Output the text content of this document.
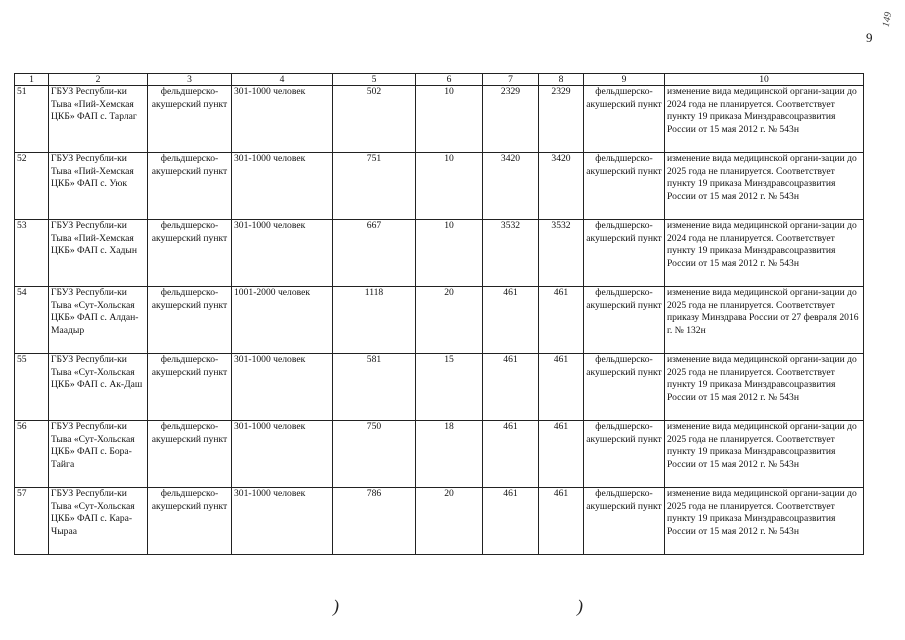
9
149
1	2	3	4	5	6	7	8	9	10
51	ГБУЗ Республи-ки Тыва «Пий-Хемская ЦКБ» ФАП с. Тарлаг	фельдшерско-акушерский пункт	301-1000 человек	502	10	2329	2329	фельдшерско-акушерский пункт	изменение вида медицинской органи-зации до 2024 года не планируется. Соответствует пункту 19 приказа Минздравсоцразвития России от 15 мая 2012 г. № 543н
52	ГБУЗ Республи-ки Тыва «Пий-Хемская ЦКБ» ФАП с. Уюк	фельдшерско-акушерский пункт	301-1000 человек	751	10	3420	3420	фельдшерско-акушерский пункт	изменение вида медицинской органи-зации до 2025 года не планируется. Соответствует пункту 19 приказа Минздравсоцразвития России от 15 мая 2012 г. № 543н
53	ГБУЗ Республи-ки Тыва «Пий-Хемская ЦКБ» ФАП с. Хадын	фельдшерско-акушерский пункт	301-1000 человек	667	10	3532	3532	фельдшерско-акушерский пункт	изменение вида медицинской органи-зации до 2024 года не планируется. Соответствует пункту 19 приказа Минздравсоцразвития России от 15 мая 2012 г. № 543н
54	ГБУЗ Республи-ки Тыва «Сут-Хольская ЦКБ» ФАП с. Алдан-Маадыр	фельдшерско-акушерский пункт	1001-2000 человек	1118	20	461	461	фельдшерско-акушерский пункт	изменение вида медицинской органи-зации до 2025 года не планируется. Соответствует приказу Минздрава России от 27 февраля 2016 г. № 132н
55	ГБУЗ Республи-ки Тыва «Сут-Хольская ЦКБ» ФАП с. Ак-Даш	фельдшерско-акушерский пункт	301-1000 человек	581	15	461	461	фельдшерско-акушерский пункт	изменение вида медицинской органи-зации до 2025 года не планируется. Соответствует пункту 19 приказа Минздравсоцразвития России от 15 мая 2012 г. № 543н
56	ГБУЗ Республи-ки Тыва «Сут-Хольская ЦКБ» ФАП с. Бора-Тайга	фельдшерско-акушерский пункт	301-1000 человек	750	18	461	461	фельдшерско-акушерский пункт	изменение вида медицинской органи-зации до 2025 года не планируется. Соответствует пункту 19 приказа Минздравсоцразвития России от 15 мая 2012 г. № 543н
57	ГБУЗ Республи-ки Тыва «Сут-Хольская ЦКБ» ФАП с. Кара-Чыраа	фельдшерско-акушерский пункт	301-1000 человек	786	20	461	461	фельдшерско-акушерский пункт	изменение вида медицинской органи-зации до 2025 года не планируется. Соответствует пункту 19 приказа Минздравсоцразвития России от 15 мая 2012 г. № 543н
)	)
